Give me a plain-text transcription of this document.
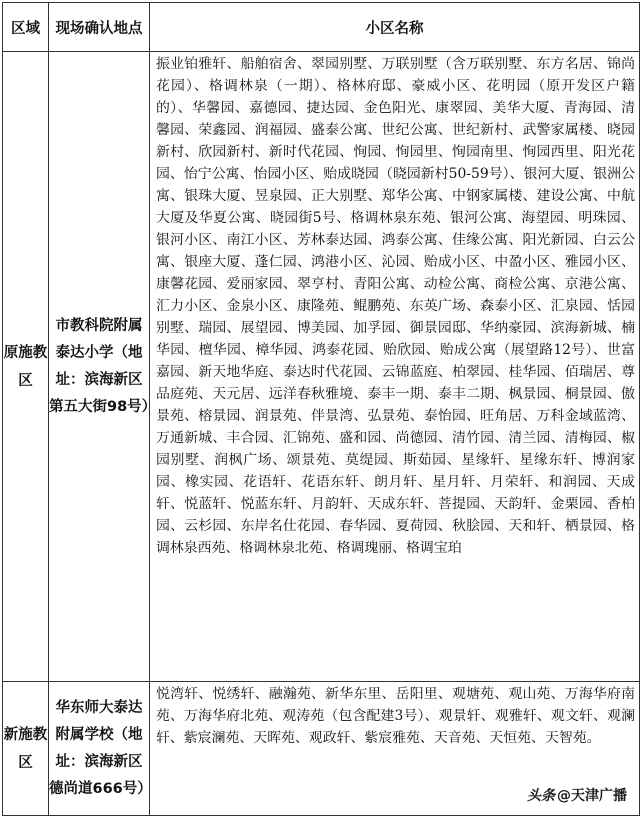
区域	现场确认地点	小区名称
原施教区	市教科院附属泰达小学（地址：滨海新区第五大街98号）	振业铂雅轩、船舶宿舍、翠园别墅、万联别墅（含万联别墅、东方名居、锦尚花园）、格调林泉（一期）、格林府邸、豪威小区、花明园（原开发区户籍的）、华馨园、嘉德园、捷达园、金色阳光、康翠园、美华大厦、青海园、清馨园、荣鑫园、润福园、盛泰公寓、世纪公寓、世纪新村、武警家属楼、晓园新村、欣园新村、新时代花园、恂园、恂园里、恂园南里、恂园西里、阳光花园、怡宁公寓、怡园小区、贻成晓园（晓园新村50-59号）、银河大厦、银洲公寓、银珠大厦、昱泉园、正大别墅、郑华公寓、中钢家属楼、建设公寓、中航大厦及华夏公寓、晓园街5号、格调林泉东苑、银河公寓、海望园、明珠园、银河小区、南江小区、芳林泰达园、鸿泰公寓、佳缘公寓、阳光新园、白云公寓、银座大厦、蓬仁园、鸿港小区、沁园、贻成小区、中盈小区、雅园小区、康馨花园、爱丽家园、翠亨村、青阳公寓、动检公寓、商检公寓、京港公寓、汇力小区、金泉小区、康隆苑、鲲鹏苑、东英广场、森泰小区、汇泉园、恬园别墅、瑞园、展望园、博美园、加孚园、御景园邸、华纳豪园、滨海新城、楠华园、檀华园、樟华园、鸿泰花园、贻欣园、贻成公寓（展望路12号）、世富嘉园、新天地华庭、泰达时代花园、云锦蓝庭、柏翠园、桂华园、佰瑞居、尊品庭苑、天元居、远洋春秋雅境、泰丰一期、泰丰二期、枫景园、桐景园、傲景苑、榕景园、润景苑、伴景湾、弘景苑、泰怡园、旺角居、万科金域蓝湾、万通新城、丰合园、汇锦苑、盛和园、尚德园、清竹园、清兰园、清梅园、椒园别墅、润枫广场、颂景苑、莫缇园、斯茹园、星缘轩、星缘东轩、博润家园、橡实园、花语轩、花语东轩、朗月轩、星月轩、月荣轩、和润园、天成轩、悦蓝轩、悦蓝东轩、月韵轩、天成东轩、菩提园、天韵轩、金栗园、香柏园、云杉园、东岸名仕花园、春华园、夏荷园、秋脍园、天和轩、栖景园、格调林泉西苑、格调林泉北苑、格调瑰丽、格调宝珀
新施教区	华东师大泰达附属学校（地址：滨海新区德尚道666号）	悦湾轩、悦绣轩、融瀚苑、新华东里、岳阳里、观塘苑、观山苑、万海华府南苑、万海华府北苑、观涛苑（包含配建3号）、观景轩、观雅轩、观文轩、观澜轩、紫宸澜苑、天晖苑、观政轩、紫宸雅苑、天音苑、天恒苑、天智苑。
头条 @天津广播
